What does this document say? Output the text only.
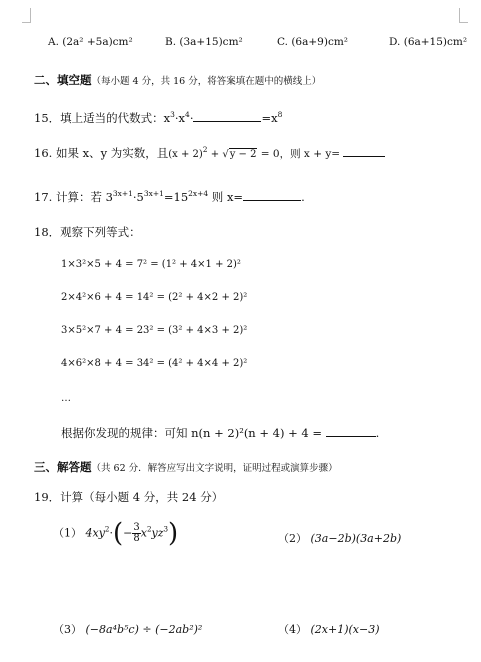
A. (2a² +5a)cm²	B. (3a+15)cm²	C. (6a+9)cm²	D. (6a+15)cm²
二、填空题（每小题 4 分，共 16 分，将答案填在题中的横线上）
15．填上适当的代数式：$x^3\cdot x^4\cdot$	$=x^8$
16. 如果 x、y 为实数，且$(x + 2)^2 + √y - 2 = 0$，则 x + y=
17. 计算：若 $3^{3x+1}\cdot 5^{3x+1}=15^{2x+4}$ 则 x=	.
18．观察下列等式：
1×3²×5 + 4 = 7² = (1² + 4×1 + 2)²
2×4²×6 + 4 = 14² = (2² + 4×2 + 2)²
3×5²×7 + 4 = 23² = (3² + 4×3 + 2)²
4×6²×8 + 4 = 34² = (4² + 4×4 + 2)²
…
根据你发现的规律：可知 n(n + 2)²(n + 4) + 4 =	.
三、解答题（共 62 分．解答应写出文字说明，证明过程或演算步骤）
19．计算（每小题 4 分，共 24 分）
（1） $4xy^2\cdot(- \frac{3}{8} x^2yz^3)$	（2） (3a−2b)(3a+2b)
（3） (−8a⁴b⁵c) ÷ (−2ab²)²	（4） (2x+1)(x−3)
